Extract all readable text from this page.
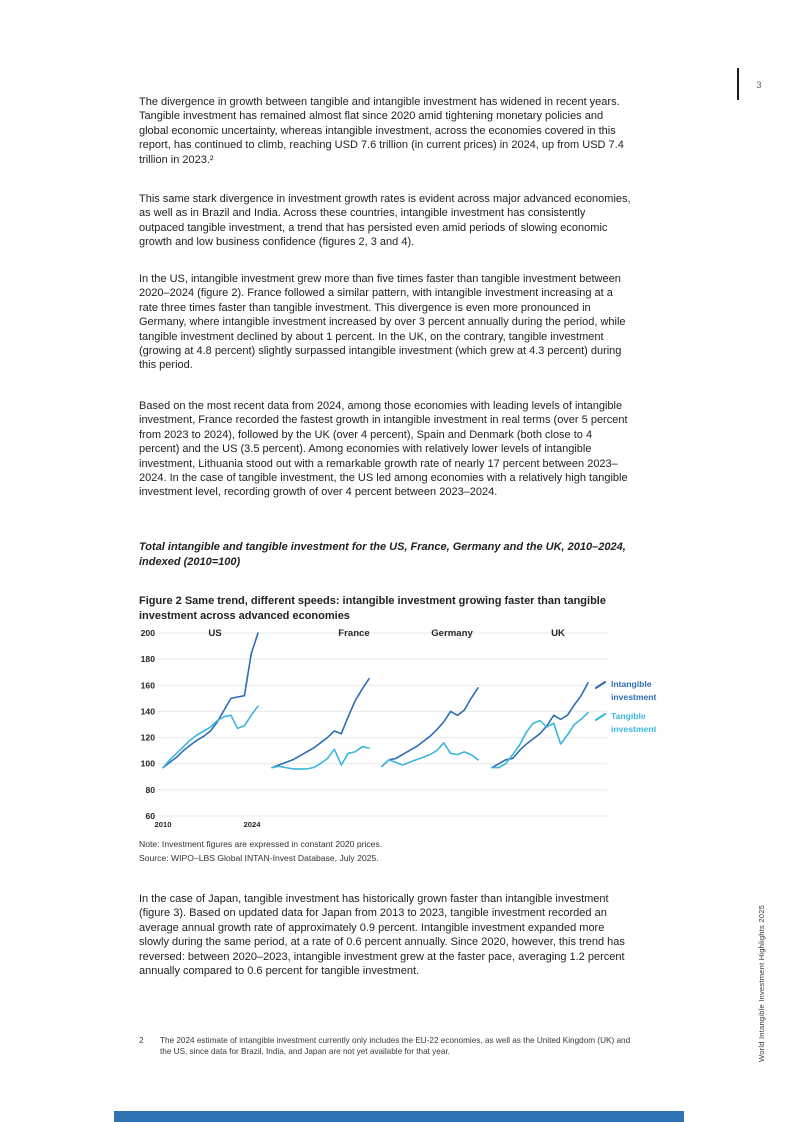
3

The divergence in growth between tangible and intangible investment has widened in recent years. Tangible investment has remained almost flat since 2020 amid tightening monetary policies and global economic uncertainty, whereas intangible investment, across the economies covered in this report, has continued to climb, reaching USD 7.6 trillion (in current prices) in 2024, up from USD 7.4 trillion in 2023.²

This same stark divergence in investment growth rates is evident across major advanced economies, as well as in Brazil and India. Across these countries, intangible investment has consistently outpaced tangible investment, a trend that has persisted even amid periods of slowing economic growth and low business confidence (figures 2, 3 and 4).

In the US, intangible investment grew more than five times faster than tangible investment between 2020–2024 (figure 2). France followed a similar pattern, with intangible investment increasing at a rate three times faster than tangible investment. This divergence is even more pronounced in Germany, where intangible investment increased by over 3 percent annually during the period, while tangible investment declined by about 1 percent. In the UK, on the contrary, tangible investment (growing at 4.8 percent) slightly surpassed intangible investment (which grew at 4.3 percent) during this period.

Based on the most recent data from 2024, among those economies with leading levels of intangible investment, France recorded the fastest growth in intangible investment in real terms (over 5 percent from 2023 to 2024), followed by the UK (over 4 percent), Spain and Denmark (both close to 4 percent) and the US (3.5 percent). Among economies with relatively lower levels of intangible investment, Lithuania stood out with a remarkable growth rate of nearly 17 percent between 2023–2024. In the case of tangible investment, the US led among economies with a relatively high tangible investment level, recording growth of over 4 percent between 2023–2024.

Total intangible and tangible investment for the US, France, Germany and the UK, 2010–2024, indexed (2010=100)
Figure 2 Same trend, different speeds: intangible investment growing faster than tangible investment across advanced economies
200
180
160
140
120
100
80
60
2010	2024
US	France	Germany	UK
Intangible investment
Tangible investment
Note: Investment figures are expressed in constant 2020 prices.
Source: WIPO–LBS Global INTAN-Invest Database, July 2025.

In the case of Japan, tangible investment has historically grown faster than intangible investment (figure 3). Based on updated data for Japan from 2013 to 2023, tangible investment recorded an average annual growth rate of approximately 0.9 percent. Intangible investment expanded more slowly during the same period, at a rate of 0.6 percent annually. Since 2020, however, this trend has reversed: between 2020–2023, intangible investment grew at the faster pace, averaging 1.2 percent annually compared to 0.6 percent for tangible investment.

2 The 2024 estimate of intangible investment currently only includes the EU-22 economies, as well as the United Kingdom (UK) and the US, since data for Brazil, India, and Japan are not yet available for that year.	World Intangible Investment Highlights 2025
